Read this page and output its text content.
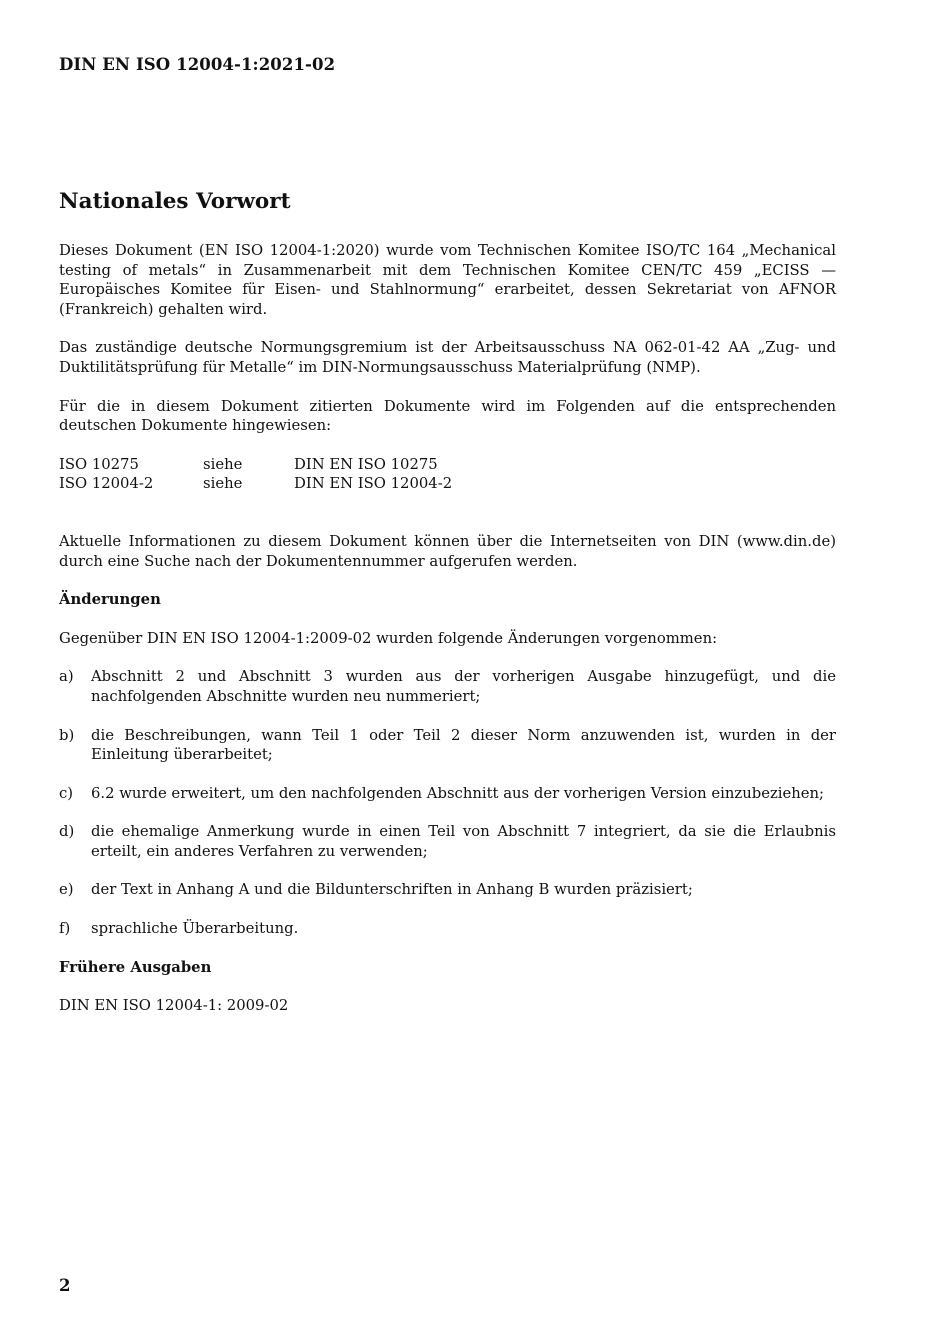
DIN EN ISO 12004-1:2021-02
Nationales Vorwort

Dieses Dokument (EN ISO 12004-1:2020) wurde vom Technischen Komitee ISO/TC 164 „Mechanical testing of metals“ in Zusammenarbeit mit dem Technischen Komitee CEN/TC 459 „ECISS — Europäisches Komitee für Eisen- und Stahlnormung“ erarbeitet, dessen Sekretariat von AFNOR (Frankreich) gehalten wird.

Das zuständige deutsche Normungsgremium ist der Arbeitsausschuss NA 062-01-42 AA „Zug- und Duktilitätsprüfung für Metalle“ im DIN-Normungsausschuss Materialprüfung (NMP).

Für die in diesem Dokument zitierten Dokumente wird im Folgenden auf die entsprechenden deutschen Dokumente hingewiesen:

ISO 10275	siehe	DIN EN ISO 10275
ISO 12004-2	siehe	DIN EN ISO 12004-2

Aktuelle Informationen zu diesem Dokument können über die Internetseiten von DIN (www.din.de) durch eine Suche nach der Dokumentennummer aufgerufen werden.

Änderungen

Gegenüber DIN EN ISO 12004-1:2009-02 wurden folgende Änderungen vorgenommen:

a)	Abschnitt 2 und Abschnitt 3 wurden aus der vorherigen Ausgabe hinzugefügt, und die nachfolgenden Abschnitte wurden neu nummeriert;
b)	die Beschreibungen, wann Teil 1 oder Teil 2 dieser Norm anzuwenden ist, wurden in der Einleitung überarbeitet;
c)	6.2 wurde erweitert, um den nachfolgenden Abschnitt aus der vorherigen Version einzubeziehen;
d)	die ehemalige Anmerkung wurde in einen Teil von Abschnitt 7 integriert, da sie die Erlaubnis erteilt, ein anderes Verfahren zu verwenden;
e)	der Text in Anhang A und die Bildunterschriften in Anhang B wurden präzisiert;
f)	sprachliche Überarbeitung.
Frühere Ausgaben

DIN EN ISO 12004-1: 2009-02

2
